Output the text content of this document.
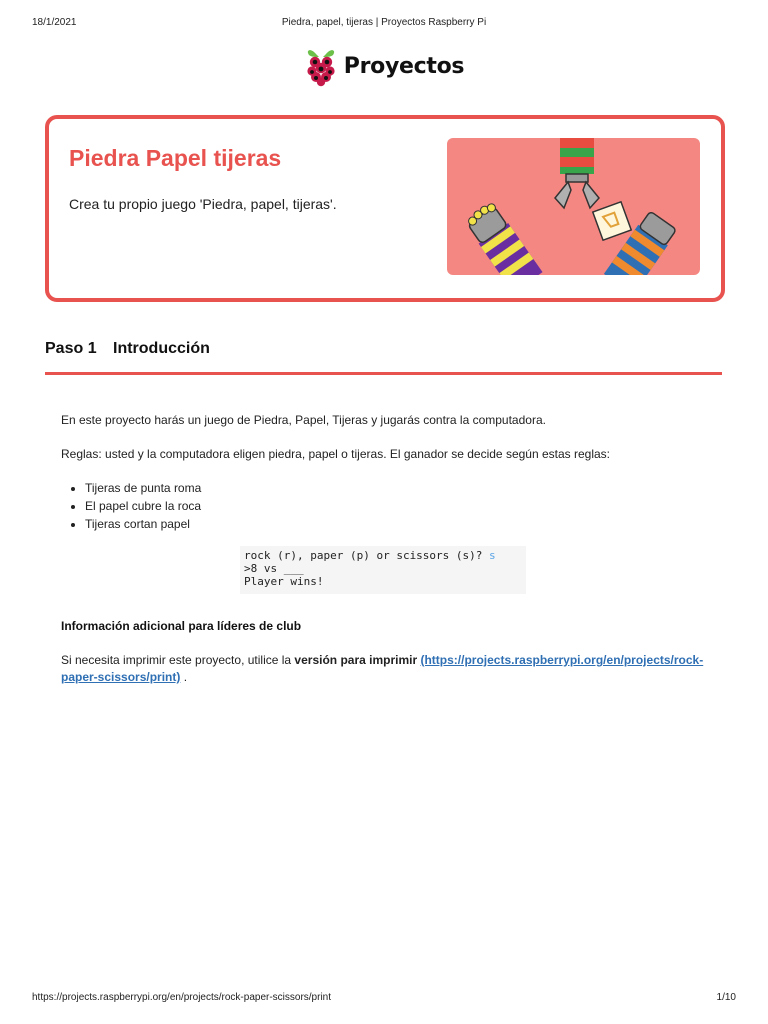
18/1/2021	Piedra, papel, tijeras | Proyectos Raspberry Pi
Proyectos
Piedra Papel tijeras

Crea tu propio juego 'Piedra, papel, tijeras'.

Paso 1 Introducción

En este proyecto harás un juego de Piedra, Papel, Tijeras y jugarás contra la computadora.

Reglas: usted y la computadora eligen piedra, papel o tijeras. El ganador se decide según estas reglas:

• Tijeras de punta roma
• El papel cubre la roca
• Tijeras cortan papel
rock (r), paper (p) or scissors (s)? s
>8 vs ___
Player wins!

Información adicional para líderes de club

Si necesita imprimir este proyecto, utilice la versión para imprimir (https://projects.raspberrypi.org/en/projects/rock-paper-scissors/print) .

https://projects.raspberrypi.org/en/projects/rock-paper-scissors/print	1/10
